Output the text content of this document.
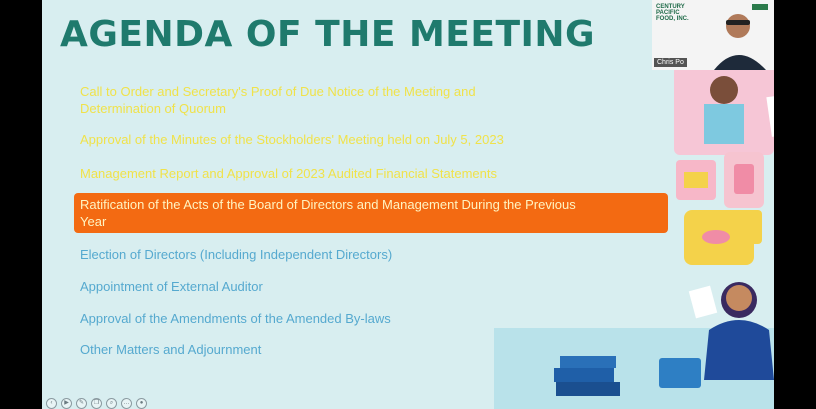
AGENDA OF THE MEETING
Call to Order and Secretary's Proof of Due Notice of the Meeting and Determination of Quorum
Approval of the Minutes of the Stockholders' Meeting held on July 5, 2023
Management Report and Approval of 2023 Audited Financial Statements
Ratification of the Acts of the Board of Directors and Management During the Previous Year
Election of Directors (Including Independent Directors)
Appointment of External Auditor
Approval of the Amendments of the Amended By-laws
Other Matters and Adjournment
CENTURY PACIFIC FOOD, INC.
Chris Po
‹	▶	✎	❐	⌕	…	●
